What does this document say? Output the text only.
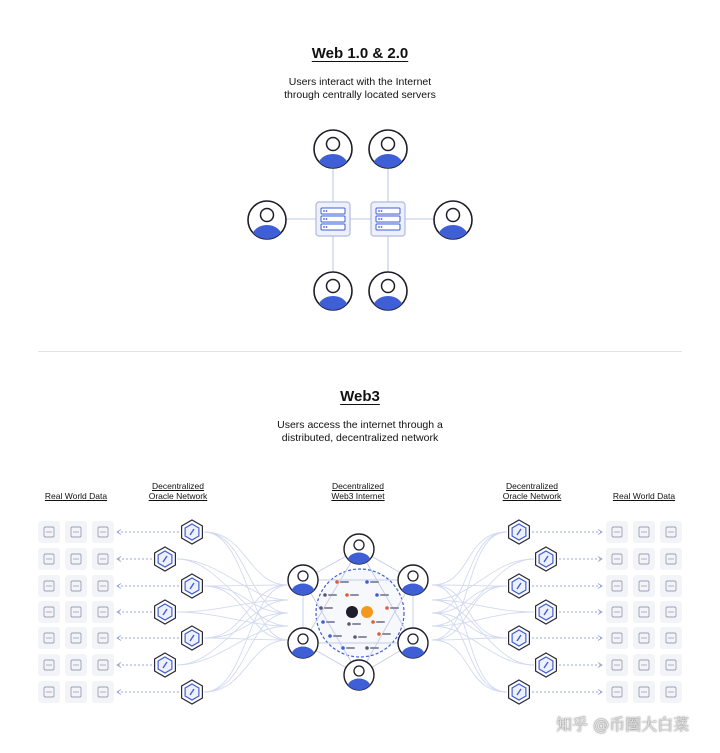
Web 1.0 & 2.0
Users interact with the Internet
through centrally located servers
Web3
Users access the internet through a
distributed, decentralized network
Real World Data
Decentralized
Oracle Network
Decentralized
Web3 Internet
Decentralized
Oracle Network	Real World Data
知乎 @币圈大白菜
